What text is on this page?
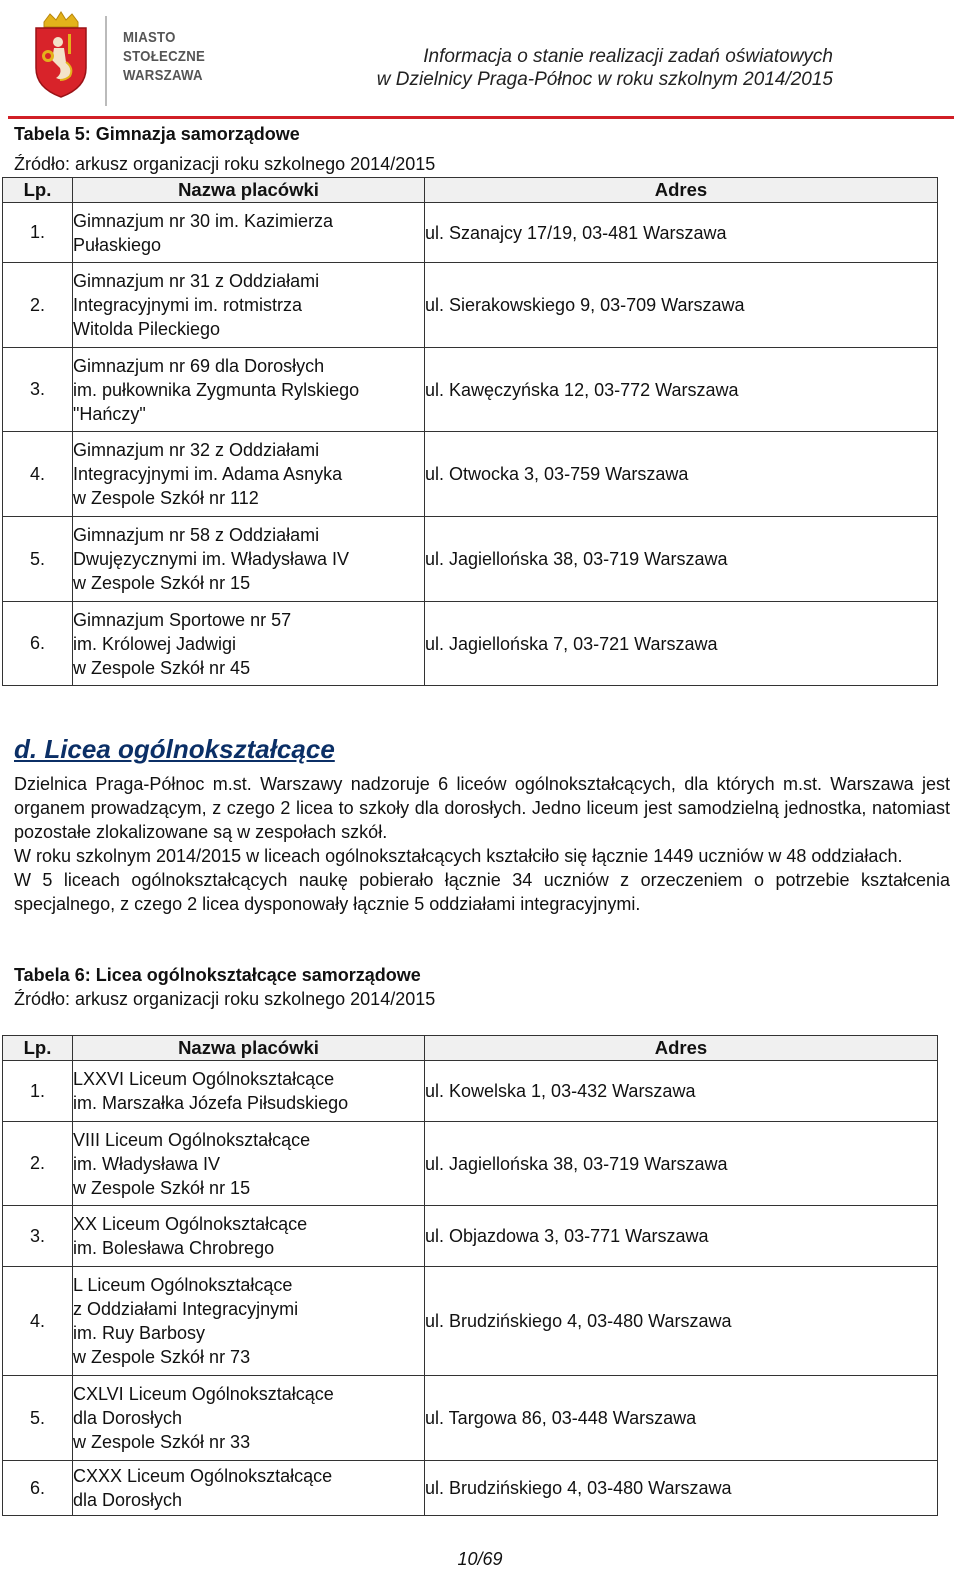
MIASTO
STOŁECZNE
WARSZAWA
Informacja o stanie realizacji zadań oświatowych
w Dzielnicy Praga-Północ w roku szkolnym 2014/2015
Tabela 5: Gimnazja samorządowe
Źródło: arkusz organizacji roku szkolnego 2014/2015
Lp.	Nazwa placówki	Adres
1.	Gimnazjum nr 30 im. Kazimierza
Pułaskiego	ul. Szanajcy 17/19, 03-481 Warszawa
2.	Gimnazjum nr 31 z Oddziałami
Integracyjnymi im. rotmistrza
Witolda Pileckiego	ul. Sierakowskiego 9, 03-709 Warszawa
3.	Gimnazjum nr 69 dla Dorosłych
im. pułkownika Zygmunta Rylskiego
"Hańczy"	ul. Kawęczyńska 12, 03-772 Warszawa
4.	Gimnazjum nr 32 z Oddziałami
Integracyjnymi im. Adama Asnyka
w Zespole Szkół nr 112	ul. Otwocka 3, 03-759 Warszawa
5.	Gimnazjum nr 58 z Oddziałami
Dwujęzycznymi im. Władysława IV
w Zespole Szkół nr 15	ul. Jagiellońska 38, 03-719 Warszawa
6.	Gimnazjum Sportowe nr 57
im. Królowej Jadwigi
w Zespole Szkół nr 45	ul. Jagiellońska 7, 03-721 Warszawa
d. Licea ogólnokształcące

Dzielnica Praga-Północ m.st. Warszawy nadzoruje 6 liceów ogólnokształcących, dla których m.st. Warszawa jest organem prowadzącym, z czego 2 licea to szkoły dla dorosłych. Jedno liceum jest samodzielną jednostka, natomiast pozostałe zlokalizowane są w zespołach szkół.

W roku szkolnym 2014/2015 w liceach ogólnokształcących kształciło się łącznie 1449 uczniów w 48 oddziałach.

W 5 liceach ogólnokształcących naukę pobierało łącznie 34 uczniów z orzeczeniem o potrzebie kształcenia specjalnego, z czego 2 licea dysponowały łącznie 5 oddziałami integracyjnymi.

Tabela 6: Licea ogólnokształcące samorządowe
Źródło: arkusz organizacji roku szkolnego 2014/2015
Lp.	Nazwa placówki	Adres
1.	LXXVI Liceum Ogólnokształcące
im. Marszałka Józefa Piłsudskiego	ul. Kowelska 1, 03-432 Warszawa
2.	VIII Liceum Ogólnokształcące
im. Władysława IV
w Zespole Szkół nr 15	ul. Jagiellońska 38, 03-719 Warszawa
3.	XX Liceum Ogólnokształcące
im. Bolesława Chrobrego	ul. Objazdowa 3, 03-771 Warszawa
4.	L Liceum Ogólnokształcące
z Oddziałami Integracyjnymi
im. Ruy Barbosy
w Zespole Szkół nr 73	ul. Brudzińskiego 4, 03-480 Warszawa
5.	CXLVI Liceum Ogólnokształcące
dla Dorosłych
w Zespole Szkół nr 33	ul. Targowa 86, 03-448 Warszawa
6.	CXXX Liceum Ogólnokształcące
dla Dorosłych	ul. Brudzińskiego 4, 03-480 Warszawa
10/69
